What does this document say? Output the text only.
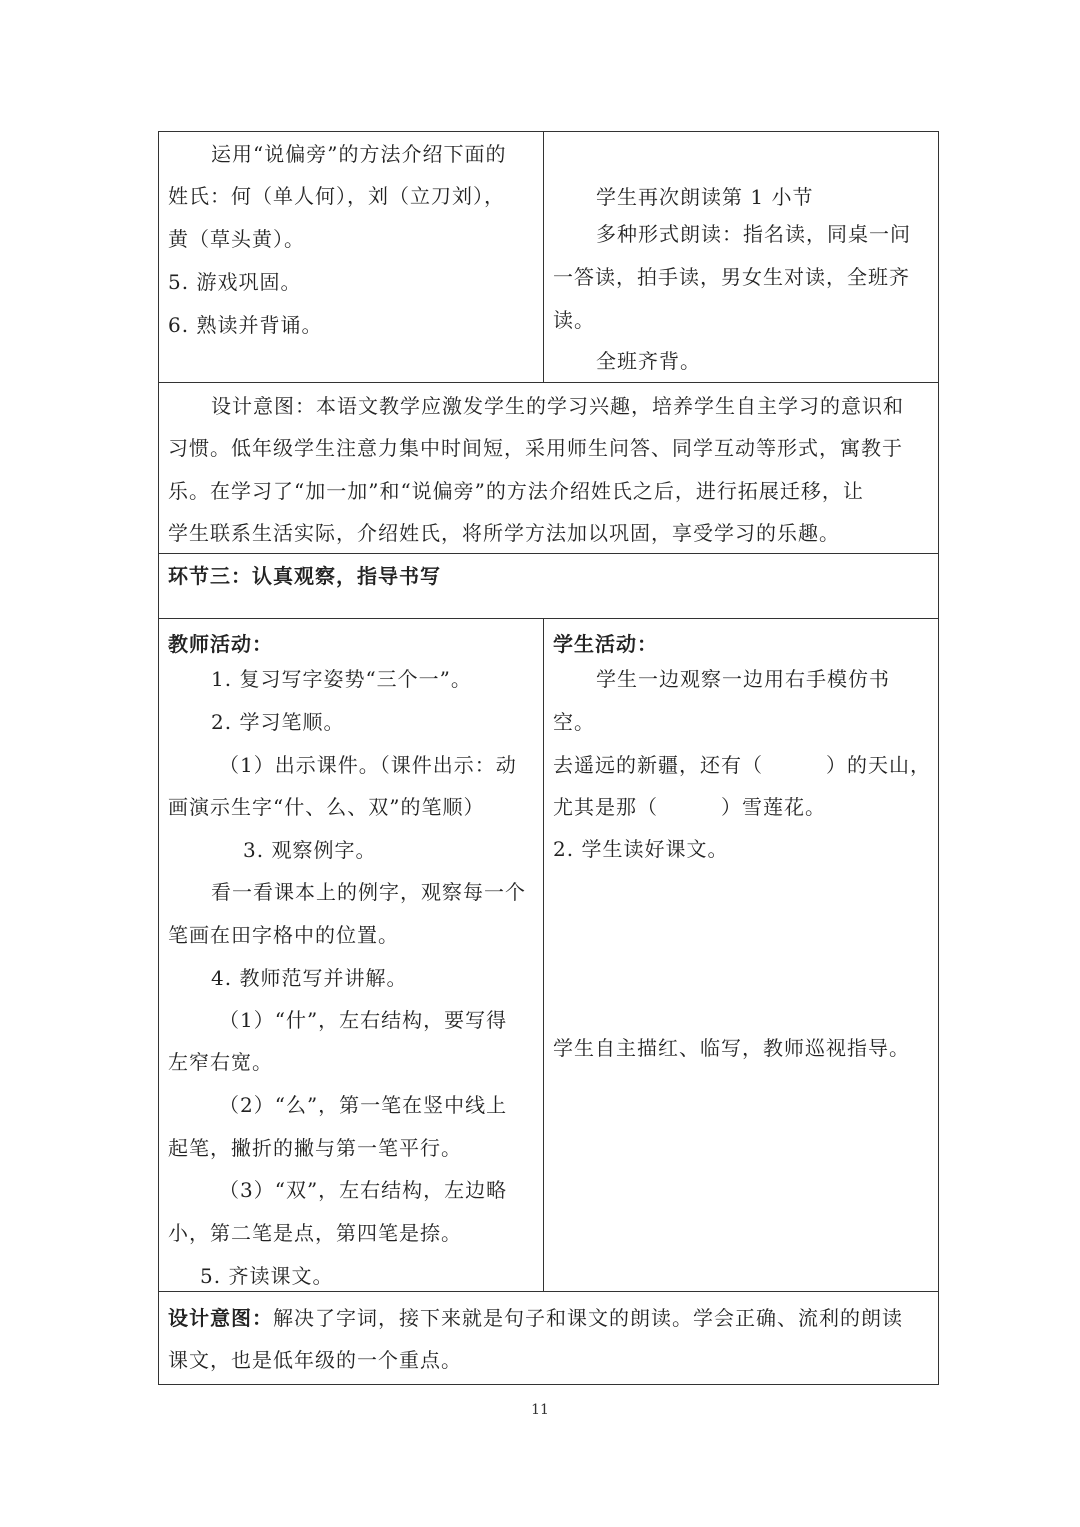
运用“说偏旁”的方法介绍下面的
姓氏：何（单人何），刘（立刀刘），
黄（草头黄）。
5. 游戏巩固。
6. 熟读并背诵。
学生再次朗读第 1 小节
多种形式朗读：指名读，同桌一问
一答读，拍手读，男女生对读，全班齐
读。
全班齐背。
设计意图：本语文教学应激发学生的学习兴趣，培养学生自主学习的意识和
习惯。低年级学生注意力集中时间短，采用师生问答、同学互动等形式，寓教于
乐。在学习了“加一加”和“说偏旁”的方法介绍姓氏之后，进行拓展迁移，让
学生联系生活实际，介绍姓氏，将所学方法加以巩固，享受学习的乐趣。
环节三：认真观察，指导书写
教师活动：
1. 复习写字姿势“三个一”。
2. 学习笔顺。
（1）出示课件。（课件出示：动
画演示生字“什、么、双”的笔顺）
3. 观察例字。
看一看课本上的例字，观察每一个
笔画在田字格中的位置。
4. 教师范写并讲解。
（1）“什”，左右结构，要写得
左窄右宽。
（2）“么”，第一笔在竖中线上
起笔，撇折的撇与第一笔平行。
（3）“双”，左右结构，左边略
小，第二笔是点，第四笔是捺。
5. 齐读课文。
学生活动：
学生一边观察一边用右手模仿书
空。
去遥远的新疆，还有（　　　）的天山，
尤其是那（　　　）雪莲花。
2. 学生读好课文。
学生自主描红、临写，教师巡视指导。
设计意图：解决了字词，接下来就是句子和课文的朗读。学会正确、流利的朗读
课文，也是低年级的一个重点。
11
